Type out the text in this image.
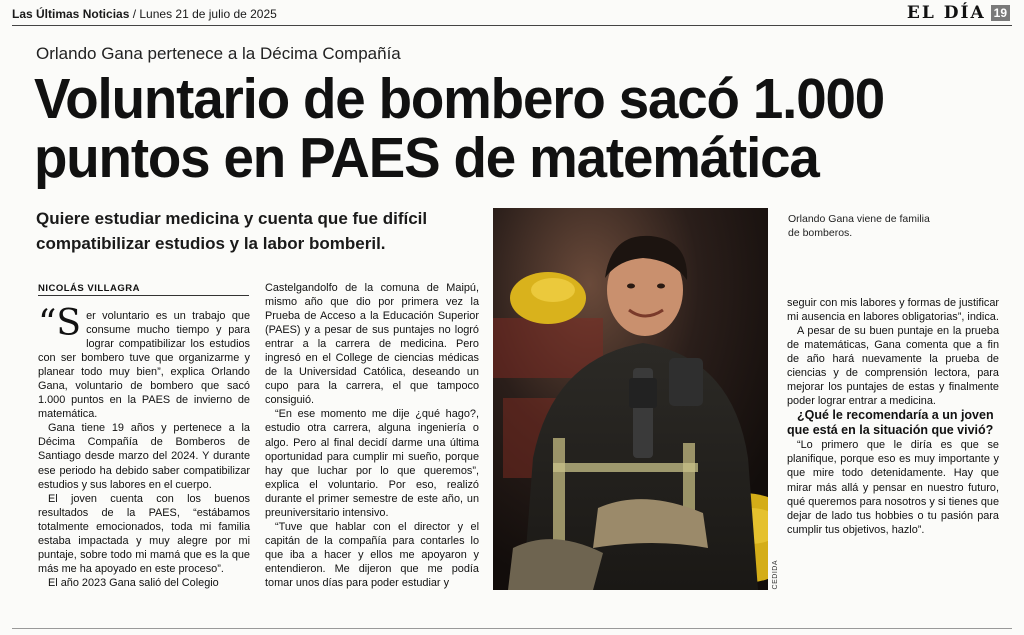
Las Últimas Noticias / Lunes 21 de julio de 2025	EL DÍA 19
Orlando Gana pertenece a la Décima Compañía
Voluntario de bombero sacó 1.000
puntos en PAES de matemática
Quiere estudiar medicina y cuenta que fue difícil compatibilizar estudios y la labor bomberil.
CEDIDA
Orlando Gana viene de familia de bomberos.
NICOLÁS VILLAGRA

“Ser voluntario es un trabajo que consume mucho tiempo y para lograr compatibilizar los estudios con ser bombero tuve que organizarme y planear todo muy bien”, explica Orlando Gana, voluntario de bombero que sacó 1.000 puntos en la PAES de invierno de matemática.

Gana tiene 19 años y pertenece a la Décima Compañía de Bomberos de Santiago desde marzo del 2024. Y durante ese periodo ha debido saber compatibilizar estudios y sus labores en el cuerpo.

El joven cuenta con los buenos resultados de la PAES, “estábamos totalmente emocionados, toda mi familia estaba impactada y muy alegre por mi puntaje, sobre todo mi mamá que es la que más me ha apoyado en este proceso”.

El año 2023 Gana salió del Colegio

Castelgandolfo de la comuna de Maipú, mismo año que dio por primera vez la Prueba de Acceso a la Educación Superior (PAES) y a pesar de sus puntajes no logró entrar a la carrera de medicina. Pero ingresó en el College de ciencias médicas de la Universidad Católica, deseando un cupo para la carrera, el que tampoco consiguió.

“En ese momento me dije ¿qué hago?, estudio otra carrera, alguna ingeniería o algo. Pero al final decidí darme una última oportunidad para cumplir mi sueño, porque hay que luchar por lo que queremos”, explica el voluntario. Por eso, realizó durante el primer semestre de este año, un preuniversitario intensivo.

“Tuve que hablar con el director y el capitán de la compañía para contarles lo que iba a hacer y ellos me apoyaron y entendieron. Me dijeron que me podía tomar unos días para poder estudiar y

seguir con mis labores y formas de justificar mi ausencia en labores obligatorias”, indica.

A pesar de su buen puntaje en la prueba de matemáticas, Gana comenta que a fin de año hará nuevamente la prueba de ciencias y de comprensión lectora, para mejorar los puntajes de estas y finalmente poder lograr entrar a medicina.

¿Qué le recomendaría a un joven que está en la situación que vivió?

“Lo primero que le diría es que se planifique, porque eso es muy importante y que mire todo detenidamente. Hay que mirar más allá y pensar en nuestro futuro, qué queremos para nosotros y si tienes que dejar de lado tus hobbies o tu pasión para cumplir tus objetivos, hazlo”.
